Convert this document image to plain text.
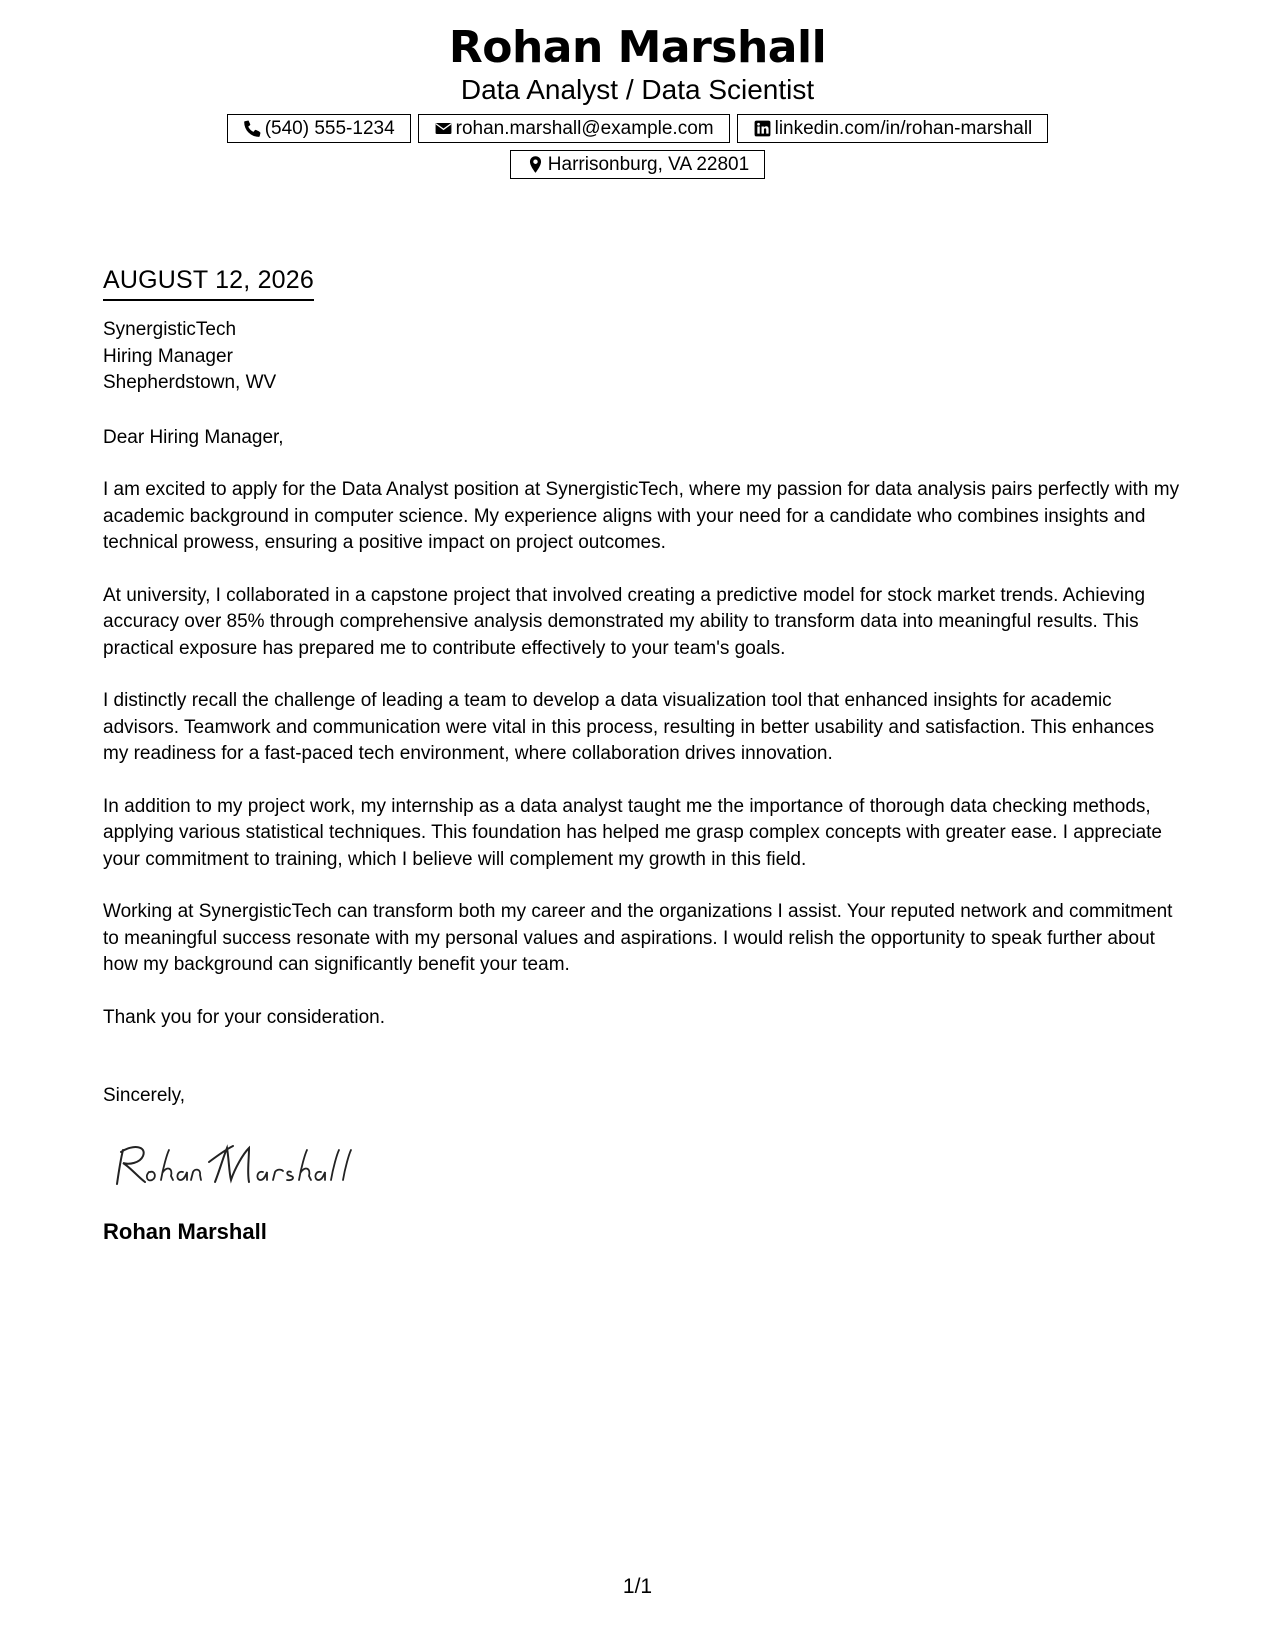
Rohan Marshall
Data Analyst / Data Scientist
(540) 555-1234	rohan.marshall@example.com	linkedin.com/in/rohan-marshall
Harrisonburg, VA 22801
AUGUST 12, 2026
SynergisticTech
Hiring Manager
Shepherdstown, WV
Dear Hiring Manager,
I am excited to apply for the Data Analyst position at SynergisticTech, where my passion for data analysis pairs perfectly with my academic background in computer science. My experience aligns with your need for a candidate who combines insights and technical prowess, ensuring a positive impact on project outcomes.
At university, I collaborated in a capstone project that involved creating a predictive model for stock market trends. Achieving accuracy over 85% through comprehensive analysis demonstrated my ability to transform data into meaningful results. This practical exposure has prepared me to contribute effectively to your team's goals.
I distinctly recall the challenge of leading a team to develop a data visualization tool that enhanced insights for academic advisors. Teamwork and communication were vital in this process, resulting in better usability and satisfaction. This enhances my readiness for a fast-paced tech environment, where collaboration drives innovation.
In addition to my project work, my internship as a data analyst taught me the importance of thorough data checking methods, applying various statistical techniques. This foundation has helped me grasp complex concepts with greater ease. I appreciate your commitment to training, which I believe will complement my growth in this field.
Working at SynergisticTech can transform both my career and the organizations I assist. Your reputed network and commitment to meaningful success resonate with my personal values and aspirations. I would relish the opportunity to speak further about how my background can significantly benefit your team.
Thank you for your consideration.
Sincerely,
Rohan Marshall
1/1
